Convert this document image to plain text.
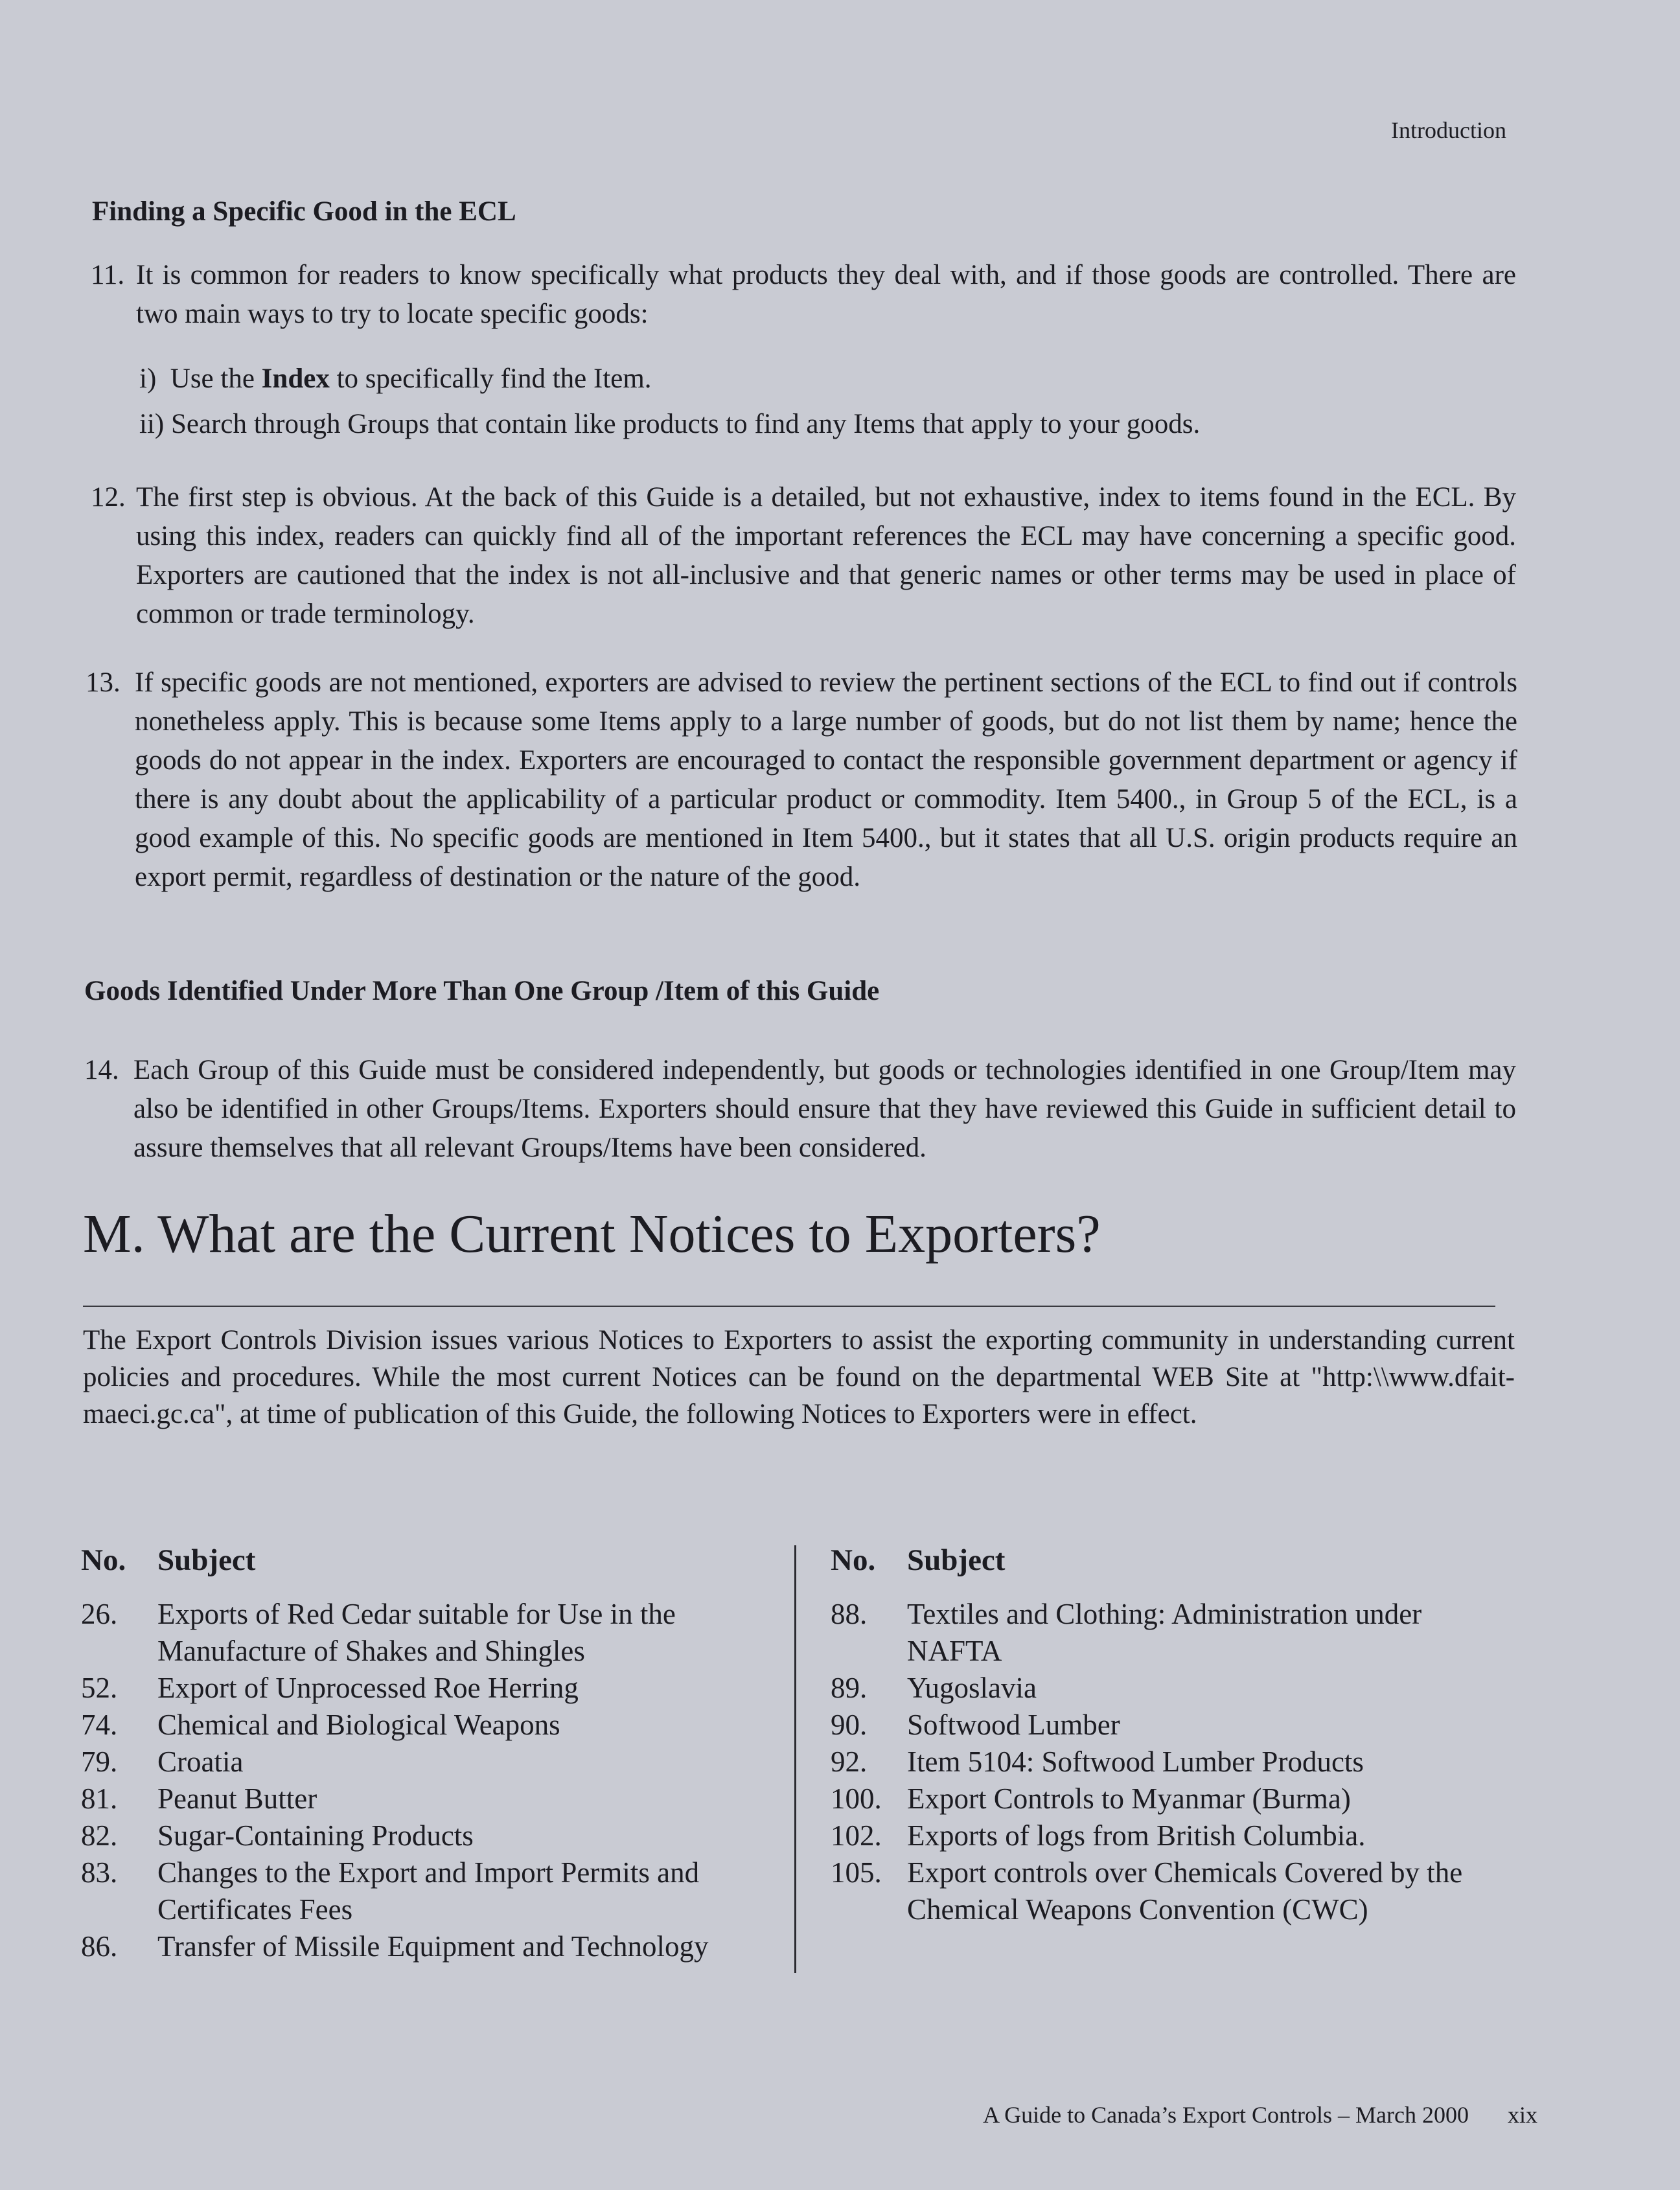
Introduction
Finding a Specific Good in the ECL
11. It is common for readers to know specifically what products they deal with, and if those goods are controlled. There are two main ways to try to locate specific goods:
i)  Use the Index to specifically find the Item.
ii) Search through Groups that contain like products to find any Items that apply to your goods.
12. The first step is obvious. At the back of this Guide is a detailed, but not exhaustive, index to items found in the ECL. By using this index, readers can quickly find all of the important references the ECL may have concerning a specific good. Exporters are cautioned that the index is not all-inclusive and that generic names or other terms may be used in place of common or trade terminology.
13. If specific goods are not mentioned, exporters are advised to review the pertinent sections of the ECL to find out if controls nonetheless apply. This is because some Items apply to a large number of goods, but do not list them by name; hence the goods do not appear in the index. Exporters are encouraged to contact the responsible government department or agency if there is any doubt about the applicability of a particular product or commodity. Item 5400., in Group 5 of the ECL, is a good example of this. No specific goods are mentioned in Item 5400., but it states that all U.S. origin products require an export permit, regardless of destination or the nature of the good.
Goods Identified Under More Than One Group /Item of this Guide
14. Each Group of this Guide must be considered independently, but goods or technologies identified in one Group/Item may also be identified in other Groups/Items. Exporters should ensure that they have reviewed this Guide in sufficient detail to assure themselves that all relevant Groups/Items have been considered.
M. What are the Current Notices to Exporters?
The Export Controls Division issues various Notices to Exporters to assist the exporting community in understanding current policies and procedures. While the most current Notices can be found on the departmental WEB Site at "http:\\www.dfait-maeci.gc.ca", at time of publication of this Guide, the following Notices to Exporters were in effect.
No.	Subject
26.	Exports of Red Cedar suitable for Use in the Manufacture of Shakes and Shingles
52.	Export of Unprocessed Roe Herring
74.	Chemical and Biological Weapons
79.	Croatia
81.	Peanut Butter
82.	Sugar-Containing Products
83.	Changes to the Export and Import Permits and Certificates Fees
86.	Transfer of Missile Equipment and Technology
No.	Subject
88.	Textiles and Clothing: Administration under NAFTA
89.	Yugoslavia
90.	Softwood Lumber
92.	Item 5104: Softwood Lumber Products
100. Export Controls to Myanmar (Burma)
102. Exports of logs from British Columbia.
105. Export controls over Chemicals Covered by the Chemical Weapons Convention (CWC)
A Guide to Canada’s Export Controls – March 2000 xix
